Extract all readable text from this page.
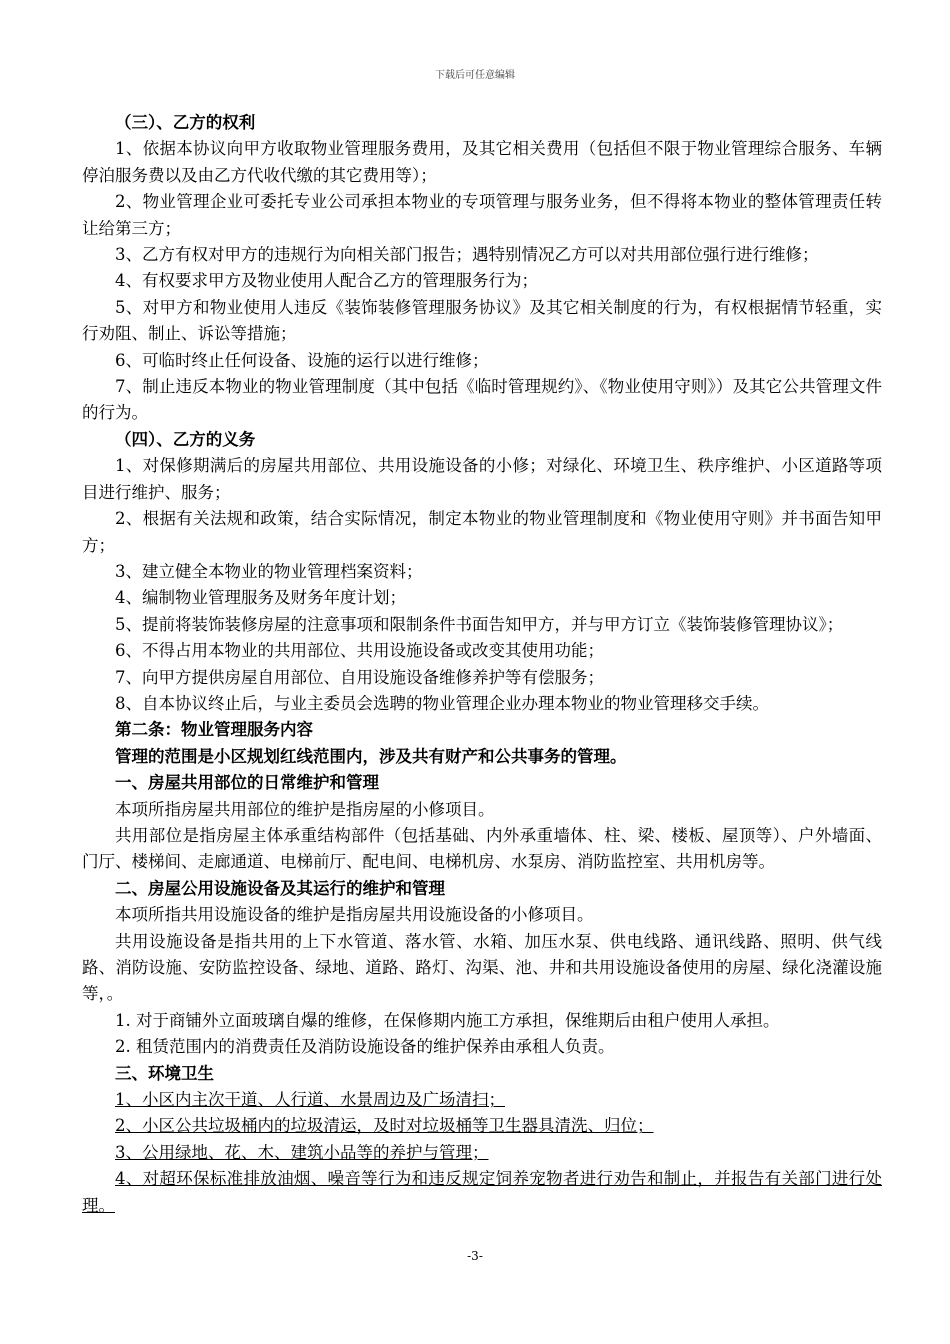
下载后可任意编辑

（三）、乙方的权利

1、依据本协议向甲方收取物业管理服务费用，及其它相关费用（包括但不限于物业管理综合服务、车辆停泊服务费以及由乙方代收代缴的其它费用等）；

2、物业管理企业可委托专业公司承担本物业的专项管理与服务业务，但不得将本物业的整体管理责任转让给第三方；

3、乙方有权对甲方的违规行为向相关部门报告；遇特别情况乙方可以对共用部位强行进行维修；

4、有权要求甲方及物业使用人配合乙方的管理服务行为；

5、对甲方和物业使用人违反《装饰装修管理服务协议》及其它相关制度的行为，有权根据情节轻重，实行劝阻、制止、诉讼等措施；

6、可临时终止任何设备、设施的运行以进行维修；

7、制止违反本物业的物业管理制度（其中包括《临时管理规约》、《物业使用守则》）及其它公共管理文件的行为。

（四）、乙方的义务

1、对保修期满后的房屋共用部位、共用设施设备的小修；对绿化、环境卫生、秩序维护、小区道路等项目进行维护、服务；

2、根据有关法规和政策，结合实际情况，制定本物业的物业管理制度和《物业使用守则》并书面告知甲方；

3、建立健全本物业的物业管理档案资料；

4、编制物业管理服务及财务年度计划；

5、提前将装饰装修房屋的注意事项和限制条件书面告知甲方，并与甲方订立《装饰装修管理协议》；

6、不得占用本物业的共用部位、共用设施设备或改变其使用功能；

7、向甲方提供房屋自用部位、自用设施设备维修养护等有偿服务；

8、自本协议终止后，与业主委员会选聘的物业管理企业办理本物业的物业管理移交手续。

第二条：物业管理服务内容

管理的范围是小区规划红线范围内，涉及共有财产和公共事务的管理。

一、房屋共用部位的日常维护和管理

本项所指房屋共用部位的维护是指房屋的小修项目。

共用部位是指房屋主体承重结构部件（包括基础、内外承重墙体、柱、梁、楼板、屋顶等）、户外墙面、门厅、楼梯间、走廊通道、电梯前厅、配电间、电梯机房、水泵房、消防监控室、共用机房等。

二、房屋公用设施设备及其运行的维护和管理

本项所指共用设施设备的维护是指房屋共用设施设备的小修项目。

共用设施设备是指共用的上下水管道、落水管、水箱、加压水泵、供电线路、通讯线路、照明、供气线路、消防设施、安防监控设备、绿地、道路、路灯、沟渠、池、井和共用设施设备使用的房屋、绿化浇灌设施等，。

1. 对于商铺外立面玻璃自爆的维修，在保修期内施工方承担，保维期后由租户使用人承担。

2. 租赁范围内的消费责任及消防设施设备的维护保养由承租人负责。

三、环境卫生

1、小区内主次干道、人行道、水景周边及广场清扫；

2、小区公共垃圾桶内的垃圾清运，及时对垃圾桶等卫生器具清洗、归位；

3、公用绿地、花、木、建筑小品等的养护与管理；

4、对超环保标准排放油烟、噪音等行为和违反规定饲养宠物者进行劝告和制止，并报告有关部门进行处理。

-3-
